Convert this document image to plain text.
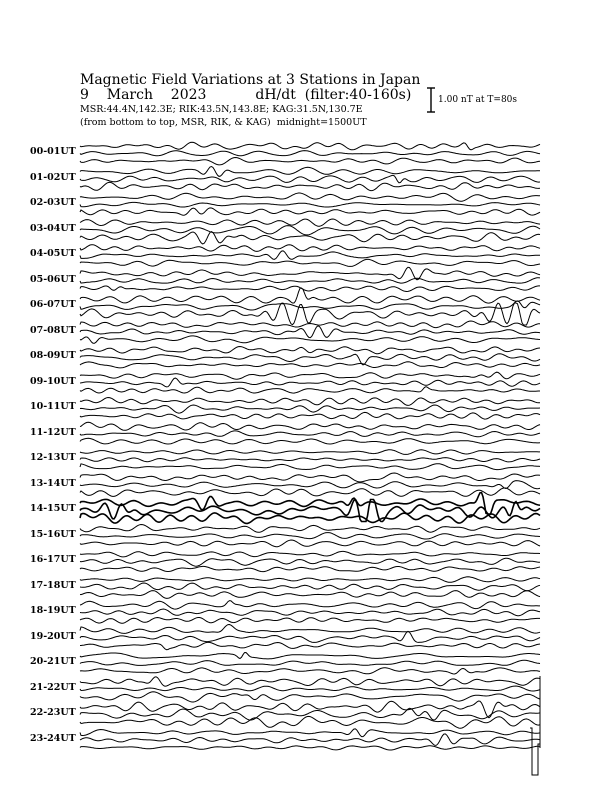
Magnetic Field Variations at 3 Stations in Japan
9 March 2023	dH/dt (filter:40-160s)
MSR:44.4N,142.3E; RIK:43.5N,143.8E; KAG:31.5N,130.7E
(from bottom to top, MSR, RIK, & KAG) midnight=1500UT
1.00 nT at T=80s
00-01UT
01-02UT
02-03UT
03-04UT
04-05UT
05-06UT
06-07UT
07-08UT
08-09UT
09-10UT
10-11UT
11-12UT
12-13UT
13-14UT
14-15UT
15-16UT
16-17UT
17-18UT
18-19UT
19-20UT
20-21UT
21-22UT
22-23UT
23-24UT
